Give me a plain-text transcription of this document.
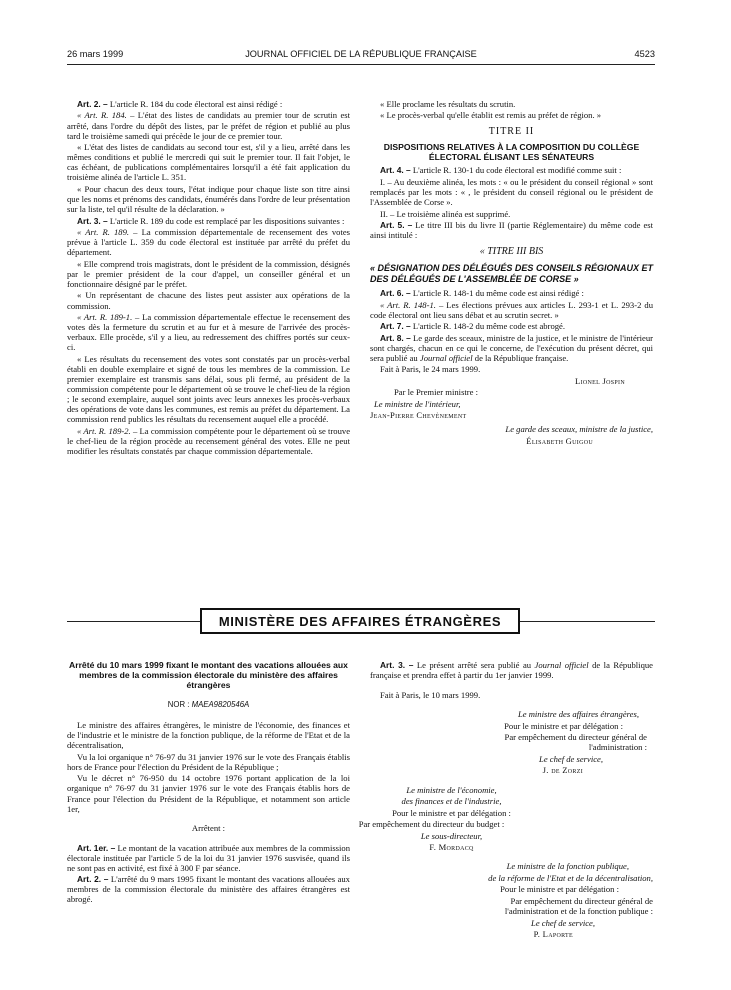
26 mars 1999	JOURNAL OFFICIEL DE LA RÉPUBLIQUE FRANÇAISE	4523

Art. 2. – L'article R. 184 du code électoral est ainsi rédigé :

« Art. R. 184. – L'état des listes de candidats au premier tour de scrutin est arrêté, dans l'ordre du dépôt des listes, par le préfet de région et publié au plus tard le troisième samedi qui précède le jour de ce premier tour.

« L'état des listes de candidats au second tour est, s'il y a lieu, arrêté dans les mêmes conditions et publié le mercredi qui suit le premier tour. Il fait l'objet, le cas échéant, de publications complémentaires lorsqu'il a été fait application du troisième alinéa de l'article L. 351.

« Pour chacun des deux tours, l'état indique pour chaque liste son titre ainsi que les noms et prénoms des candidats, énumérés dans l'ordre de leur présentation sur la liste, tel qu'il résulte de la déclaration. »

Art. 3. – L'article R. 189 du code est remplacé par les dispositions suivantes :

« Art. R. 189. – La commission départementale de recensement des votes prévue à l'article L. 359 du code électoral est instituée par arrêté du préfet du département.

« Elle comprend trois magistrats, dont le président de la commission, désignés par le premier président de la cour d'appel, un conseiller général et un fonctionnaire désigné par le préfet.

« Un représentant de chacune des listes peut assister aux opérations de la commission.

« Art. R. 189-1. – La commission départementale effectue le recensement des votes dès la fermeture du scrutin et au fur et à mesure de l'arrivée des procès-verbaux. Elle procède, s'il y a lieu, au redressement des chiffres portés sur ceux-ci.

« Les résultats du recensement des votes sont constatés par un procès-verbal établi en double exemplaire et signé de tous les membres de la commission. Le premier exemplaire est transmis sans délai, sous pli fermé, au président de la commission compétente pour le département où se trouve le chef-lieu de la région ; le second exemplaire, auquel sont joints avec leurs annexes les procès-verbaux des opérations de vote dans les communes, est remis au préfet du département. La commission rend publics les résultats du recensement auquel elle a procédé.

« Art. R. 189-2. – La commission compétente pour le département où se trouve le chef-lieu de la région procède au recensement général des votes. Elle ne peut modifier les résultats constatés par chaque commission départementale.

« Elle proclame les résultats du scrutin.

« Le procès-verbal qu'elle établit est remis au préfet de région. »

TITRE II

DISPOSITIONS RELATIVES À LA COMPOSITION DU COLLÈGE ÉLECTORAL ÉLISANT LES SÉNATEURS

Art. 4. – L'article R. 130-1 du code électoral est modifié comme suit :

I. – Au deuxième alinéa, les mots : « ou le président du conseil régional » sont remplacés par les mots : « , le président du conseil régional ou le président de l'Assemblée de Corse ».

II. – Le troisième alinéa est supprimé.

Art. 5. – Le titre III bis du livre II (partie Réglementaire) du même code est ainsi intitulé :

« TITRE III BIS

« DÉSIGNATION DES DÉLÉGUÉS DES CONSEILS RÉGIONAUX ET DES DÉLÉGUÉS DE L'ASSEMBLÉE DE CORSE »

Art. 6. – L'article R. 148-1 du même code est ainsi rédigé :

« Art. R. 148-1. – Les élections prévues aux articles L. 293-1 et L. 293-2 du code électoral ont lieu sans débat et au scrutin secret. »

Art. 7. – L'article R. 148-2 du même code est abrogé.

Art. 8. – Le garde des sceaux, ministre de la justice, et le ministre de l'intérieur sont chargés, chacun en ce qui le concerne, de l'exécution du présent décret, qui sera publié au Journal officiel de la République française.

Fait à Paris, le 24 mars 1999.

Lionel Jospin

Par le Premier ministre :

Le ministre de l'intérieur,

Jean-Pierre Chevènement

Le garde des sceaux, ministre de la justice,

Élisabeth Guigou

MINISTÈRE DES AFFAIRES ÉTRANGÈRES

Arrêté du 10 mars 1999 fixant le montant des vacations allouées aux membres de la commission électorale du ministère des affaires étrangères

NOR : MAEA9820546A

Le ministre des affaires étrangères, le ministre de l'économie, des finances et de l'industrie et le ministre de la fonction publique, de la réforme de l'Etat et de la décentralisation,

Vu la loi organique n° 76-97 du 31 janvier 1976 sur le vote des Français établis hors de France pour l'élection du Président de la République ;

Vu le décret n° 76-950 du 14 octobre 1976 portant application de la loi organique n° 76-97 du 31 janvier 1976 sur le vote des Français établis hors de France pour l'élection du Président de la République, et notamment son article 1er,

Arrêtent :

Art. 1er. – Le montant de la vacation attribuée aux membres de la commission électorale instituée par l'article 5 de la loi du 31 janvier 1976 susvisée, quand ils ne sont pas en activité, est fixé à 300 F par séance.

Art. 2. – L'arrêté du 9 mars 1995 fixant le montant des vacations allouées aux membres de la commission électorale du ministère des affaires étrangères est abrogé.

Art. 3. – Le présent arrêté sera publié au Journal officiel de la République française et prendra effet à partir du 1er janvier 1999.

Fait à Paris, le 10 mars 1999.

Le ministre des affaires étrangères,

Pour le ministre et par délégation :

Par empêchement du directeur général de l'administration :

Le chef de service,

J. de Zorzi

Le ministre de l'économie,

des finances et de l'industrie,

Pour le ministre et par délégation :

Par empêchement du directeur du budget :

Le sous-directeur,

F. Mordacq

Le ministre de la fonction publique,

de la réforme de l'Etat et de la décentralisation,

Pour le ministre et par délégation :

Par empêchement du directeur général de l'administration et de la fonction publique :

Le chef de service,

P. Laporte
